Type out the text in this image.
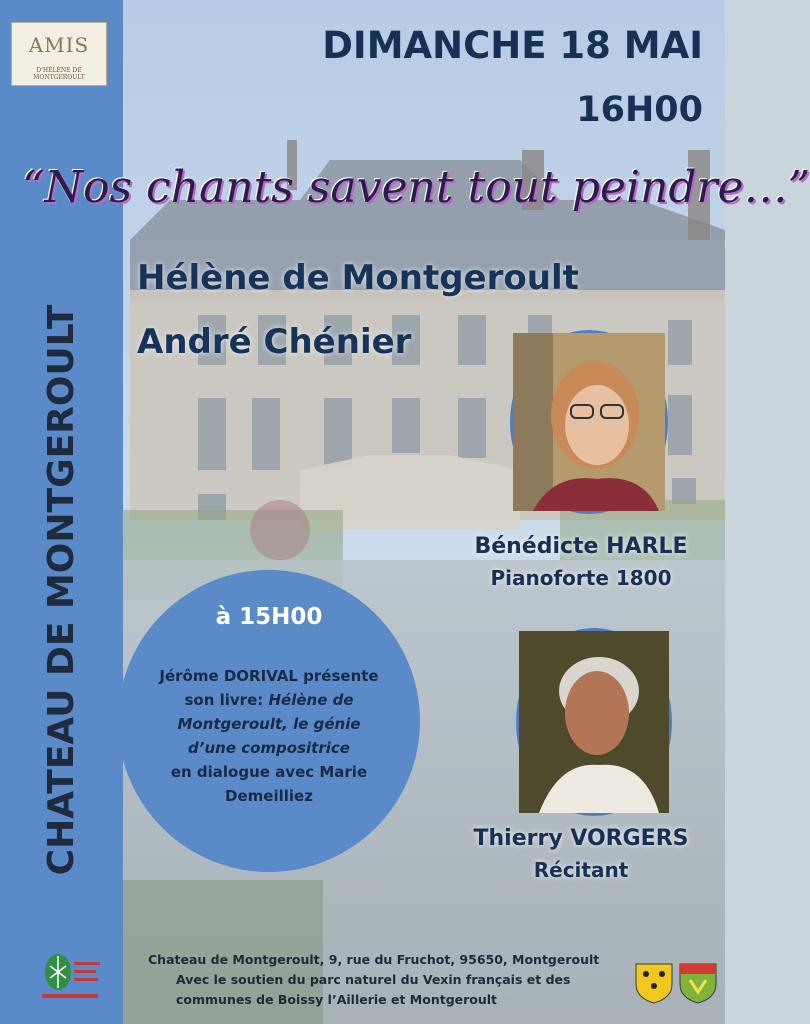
AMIS
D'HÉLÈNE DE MONTGEROULT
CHATEAU DE MONTGEROULT
DIMANCHE 18 MAI
16H00
“Nos chants savent tout peindre…”
Hélène de Montgeroult
André Chénier
Bénédicte HARLE
Pianoforte 1800
à 15H00
Jérôme DORIVAL présente
son livre: Hélène de
Montgeroult, le génie
d’une compositrice
en dialogue avec Marie
Demeilliez
Thierry VORGERS
Récitant
Chateau de Montgeroult, 9, rue du Fruchot, 95650, Montgeroult
Avec le soutien du parc naturel du Vexin français et des
communes de Boissy l’Aillerie et Montgeroult
